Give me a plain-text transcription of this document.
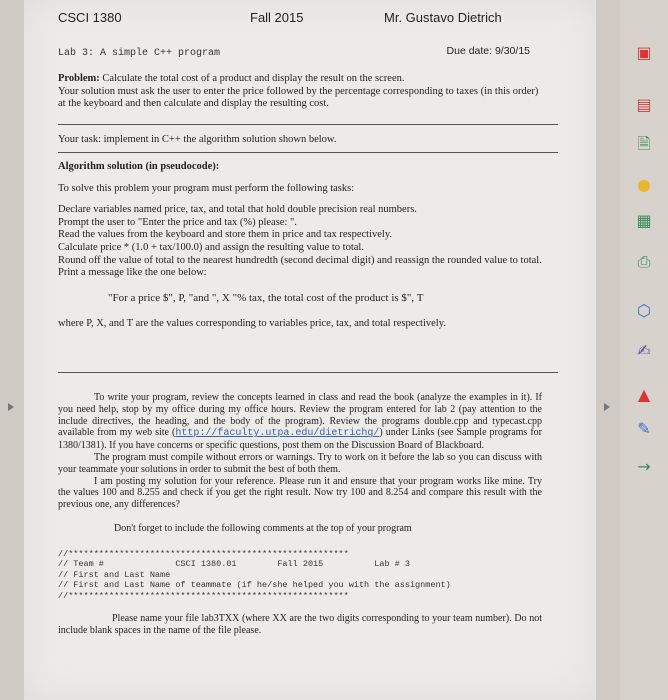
CSCI 1380	Fall 2015	Mr. Gustavo Dietrich
Lab 3: A simple C++ program	Due date: 9/30/15

Problem: Calculate the total cost of a product and display the result on the screen.

Your solution must ask the user to enter the price followed by the percentage corresponding to taxes (in this order) at the keyboard and then calculate and display the resulting cost.

Your task: implement in C++ the algorithm solution shown below.

Algorithm solution (in pseudocode):

To solve this problem your program must perform the following tasks:

Declare variables named price, tax, and total that hold double precision real numbers.

Prompt the user to "Enter the price and tax (%) please: ".

Read the values from the keyboard and store them in price and tax respectively.

Calculate price * (1.0 + tax/100.0) and assign the resulting value to total.

Round off the value of total to the nearest hundredth (second decimal digit) and reassign the rounded value to total.

Print a message like the one below:

"For a price $", P, "and ", X "% tax, the total cost of the product is $", T

where P, X, and T are the values corresponding to variables price, tax, and total respectively.

To write your program, review the concepts learned in class and read the book (analyze the examples in it). If you need help, stop by my office during my office hours. Review the program entered for lab 2 (pay attention to the include directives, the heading, and the body of the program). Review the programs double.cpp and typecast.cpp available from my web site (http://faculty.utpa.edu/dietrichg/) under Links (see Sample programs for 1380/1381). If you have concerns or specific questions, post them on the Discussion Board of Blackboard.

The program must compile without errors or warnings. Try to work on it before the lab so you can discuss with your teammate your solutions in order to submit the best of both them.

I am posting my solution for your reference. Please run it and ensure that your program works like mine. Try the values 100 and 8.255 and check if you get the right result. Now try 100 and 8.254 and compare this result with the previous one, any differences?

Don't forget to include the following comments at the top of your program

//*******************************************************
// Team #              CSCI 1380.01        Fall 2015          Lab # 3
// First and Last Name
// First and Last Name of teammate (if he/she helped you with the assignment)
//*******************************************************

Please name your file lab3TXX (where XX are the two digits corresponding to your team number). Do not include blank spaces in the name of the file please.

▣
▤
🗎
●
▦
⎙
⬡
✍
▲
✎
→
